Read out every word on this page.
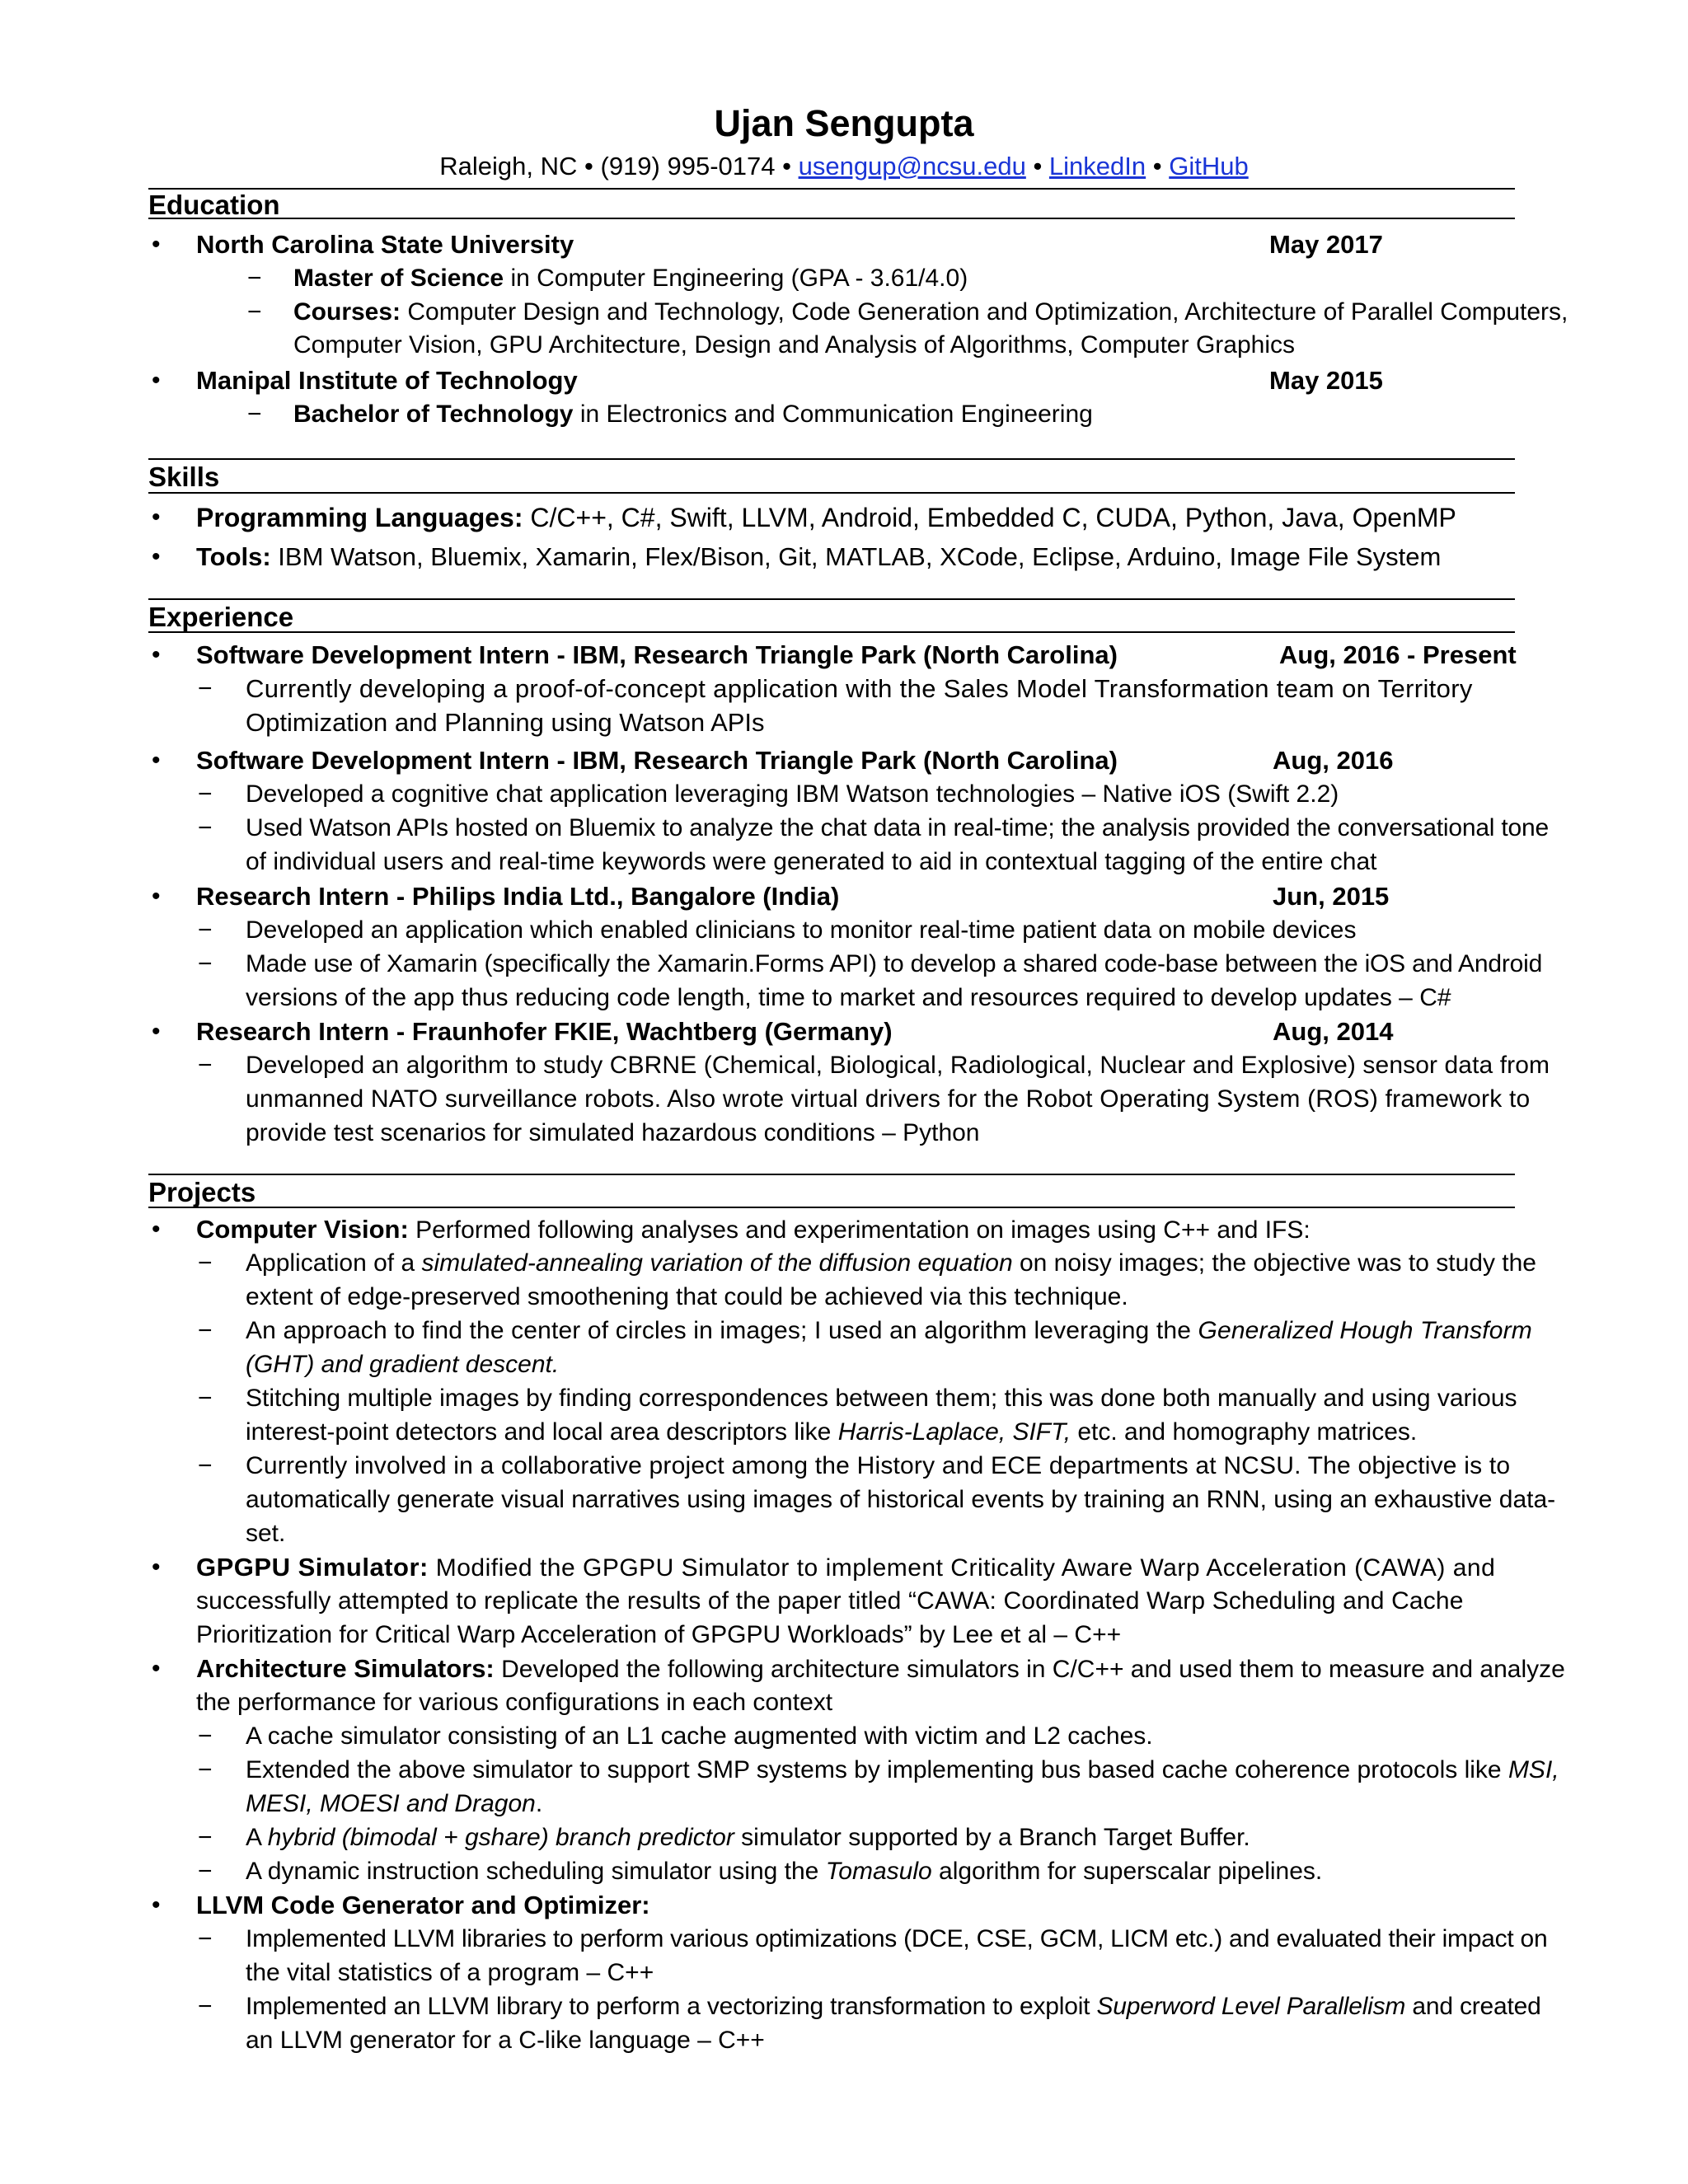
Ujan Sengupta
Raleigh, NC • (919) 995-0174 • usengup@ncsu.edu • LinkedIn • GitHub
Education
• North Carolina State University	May 2017
− Master of Science in Computer Engineering (GPA - 3.61/4.0)
− Courses: Computer Design and Technology, Code Generation and Optimization, Architecture of Parallel Computers,
Computer Vision, GPU Architecture, Design and Analysis of Algorithms, Computer Graphics
• Manipal Institute of Technology	May 2015
− Bachelor of Technology in Electronics and Communication Engineering
Skills
• Programming Languages: C/C++, C#, Swift, LLVM, Android, Embedded C, CUDA, Python, Java, OpenMP
• Tools: IBM Watson, Bluemix, Xamarin, Flex/Bison, Git, MATLAB, XCode, Eclipse, Arduino, Image File System
Experience
• Software Development Intern - IBM, Research Triangle Park (North Carolina)	Aug, 2016 - Present
− Currently developing a proof-of-concept application with the Sales Model Transformation team on Territory
Optimization and Planning using Watson APIs
• Software Development Intern - IBM, Research Triangle Park (North Carolina)	Aug, 2016
− Developed a cognitive chat application leveraging IBM Watson technologies – Native iOS (Swift 2.2)
− Used Watson APIs hosted on Bluemix to analyze the chat data in real-time; the analysis provided the conversational tone
of individual users and real-time keywords were generated to aid in contextual tagging of the entire chat
• Research Intern - Philips India Ltd., Bangalore (India)	Jun, 2015
− Developed an application which enabled clinicians to monitor real-time patient data on mobile devices
− Made use of Xamarin (specifically the Xamarin.Forms API) to develop a shared code-base between the iOS and Android
versions of the app thus reducing code length, time to market and resources required to develop updates – C#
• Research Intern - Fraunhofer FKIE, Wachtberg (Germany)	Aug, 2014
− Developed an algorithm to study CBRNE (Chemical, Biological, Radiological, Nuclear and Explosive) sensor data from
unmanned NATO surveillance robots. Also wrote virtual drivers for the Robot Operating System (ROS) framework to
provide test scenarios for simulated hazardous conditions – Python
Projects
• Computer Vision: Performed following analyses and experimentation on images using C++ and IFS:
− Application of a simulated-annealing variation of the diffusion equation on noisy images; the objective was to study the
extent of edge-preserved smoothening that could be achieved via this technique.
− An approach to find the center of circles in images; I used an algorithm leveraging the Generalized Hough Transform
(GHT) and gradient descent.
− Stitching multiple images by finding correspondences between them; this was done both manually and using various
interest-point detectors and local area descriptors like Harris-Laplace, SIFT, etc. and homography matrices.
− Currently involved in a collaborative project among the History and ECE departments at NCSU. The objective is to
automatically generate visual narratives using images of historical events by training an RNN, using an exhaustive data-
set.
• GPGPU Simulator: Modified the GPGPU Simulator to implement Criticality Aware Warp Acceleration (CAWA) and
successfully attempted to replicate the results of the paper titled “CAWA: Coordinated Warp Scheduling and Cache
Prioritization for Critical Warp Acceleration of GPGPU Workloads” by Lee et al – C++
• Architecture Simulators: Developed the following architecture simulators in C/C++ and used them to measure and analyze
the performance for various configurations in each context
− A cache simulator consisting of an L1 cache augmented with victim and L2 caches.
− Extended the above simulator to support SMP systems by implementing bus based cache coherence protocols like MSI,
MESI, MOESI and Dragon.
− A hybrid (bimodal + gshare) branch predictor simulator supported by a Branch Target Buffer.
− A dynamic instruction scheduling simulator using the Tomasulo algorithm for superscalar pipelines.
• LLVM Code Generator and Optimizer:
− Implemented LLVM libraries to perform various optimizations (DCE, CSE, GCM, LICM etc.) and evaluated their impact on
the vital statistics of a program – C++
− Implemented an LLVM library to perform a vectorizing transformation to exploit Superword Level Parallelism and created
an LLVM generator for a C-like language – C++
